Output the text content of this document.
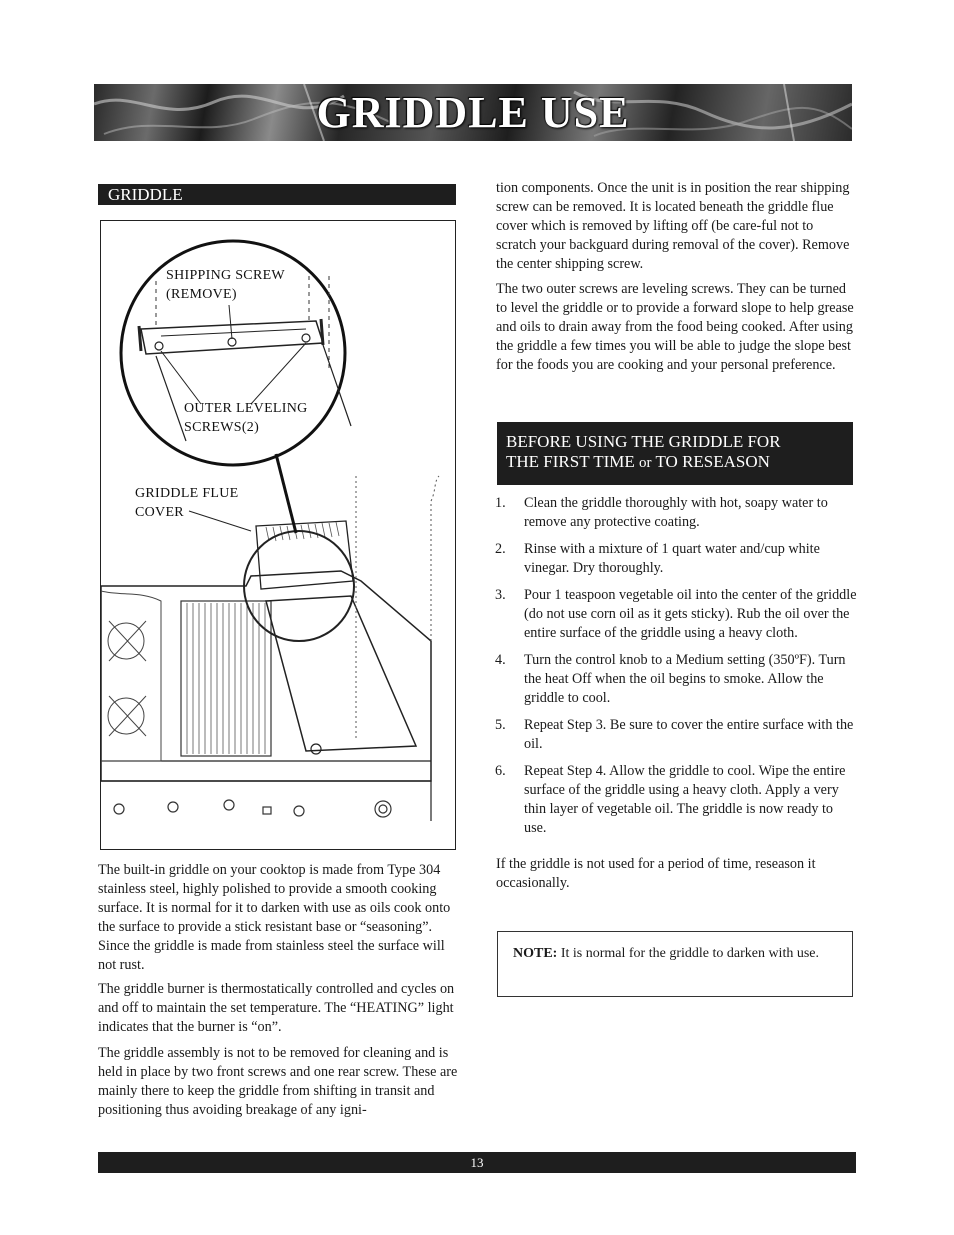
GRIDDLE USE
GRIDDLE
SHIPPING SCREW
(REMOVE)
OUTER LEVELING
SCREWS(2)
GRIDDLE FLUE
COVER

The built-in griddle on your cooktop is made from Type 304 stainless steel, highly polished to provide a smooth cooking surface. It is normal for it to darken with use as oils cook onto the surface to provide a stick resistant base or “seasoning”. Since the griddle is made from stainless steel the surface will not rust.

The griddle burner is thermostatically controlled and cycles on and off to maintain the set temperature. The “HEATING” light indicates that the burner is “on”.

The griddle assembly is not to be removed for cleaning and is held in place by two front screws and one rear screw. These are mainly there to keep the griddle from shifting in transit and positioning thus avoiding breakage of any igni-

tion components. Once the unit is in position the rear shipping screw can be removed. It is located beneath the griddle flue cover which is removed by lifting off (be care-ful not to scratch your backguard during removal of the cover). Remove the center shipping screw.

The two outer screws are leveling screws. They can be turned to level the griddle or to provide a forward slope to help grease and oils to drain away from the food being cooked. After using the griddle a few times you will be able to judge the slope best for the foods you are cooking and your personal preference.

BEFORE USING THE GRIDDLE FOR
THE FIRST TIME or TO RESEASON
1. Clean the griddle thoroughly with hot, soapy water to remove any protective coating.
2. Rinse with a mixture of 1 quart water and/cup white vinegar. Dry thoroughly.
3. Pour 1 teaspoon vegetable oil into the center of the griddle (do not use corn oil as it gets sticky). Rub the oil over the entire surface of the griddle using a heavy cloth.
4. Turn the control knob to a Medium setting (350ºF). Turn the heat Off when the oil begins to smoke. Allow the griddle to cool.
5. Repeat Step 3. Be sure to cover the entire surface with the oil.
6. Repeat Step 4. Allow the griddle to cool. Wipe the entire surface of the griddle using a heavy cloth. Apply a very thin layer of vegetable oil. The griddle is now ready to use.

If the griddle is not used for a period of time, reseason it occasionally.

NOTE: It is normal for the griddle to darken with use.
13
